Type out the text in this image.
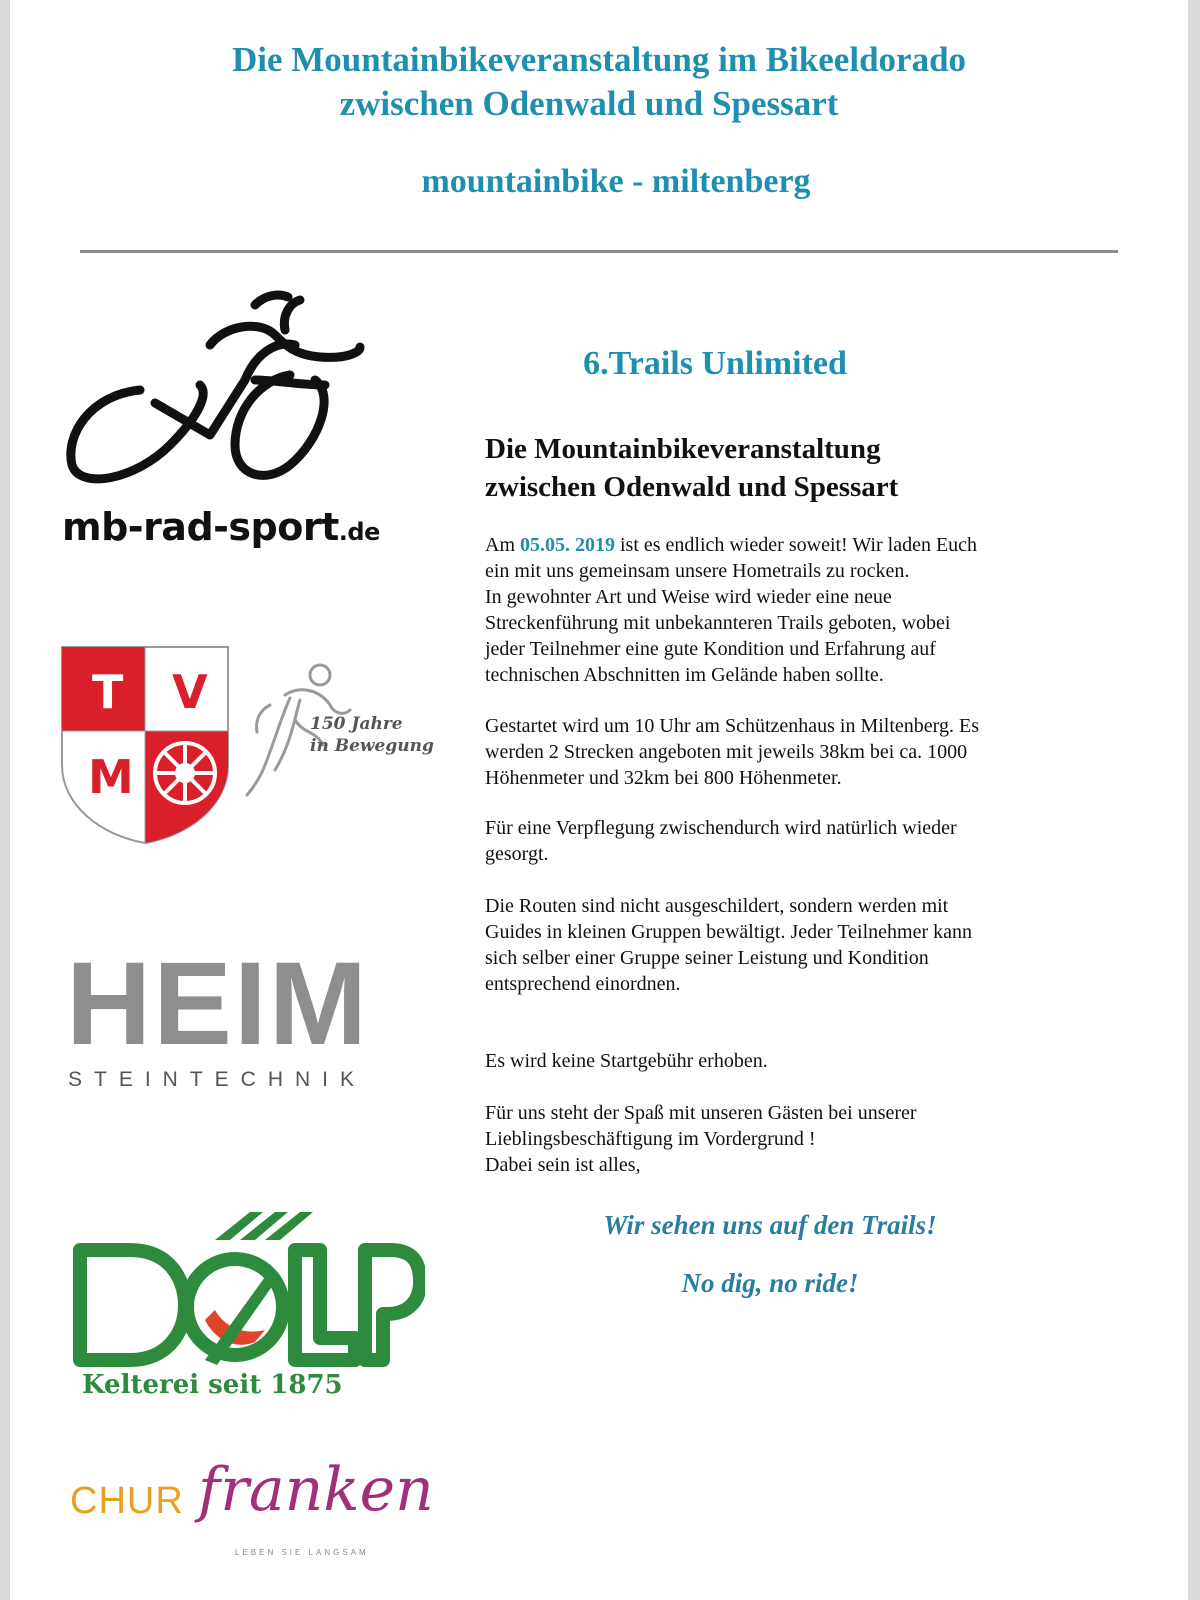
Die Mountainbikeveranstaltung im Bikeeldorado
zwischen Odenwald und Spessart
mountainbike - miltenberg
mb-rad-sport.de
T V
M
150 Jahre
in Bewegung
HEIM
STEINTECHNIK
Kelterei seit 1875
CHUR franken
LEBEN SIE LANGSAM
6.Trails Unlimited
Die Mountainbikeveranstaltung
zwischen Odenwald und Spessart
Am 05.05. 2019 ist es endlich wieder soweit! Wir laden Euch
ein mit uns gemeinsam unsere Hometrails zu rocken.
In gewohnter Art und Weise wird wieder eine neue
Streckenführung mit unbekannteren Trails geboten, wobei
jeder Teilnehmer eine gute Kondition und Erfahrung auf
technischen Abschnitten im Gelände haben sollte.
Gestartet wird um 10 Uhr am Schützenhaus in Miltenberg. Es
werden 2 Strecken angeboten mit jeweils 38km bei ca. 1000
Höhenmeter und 32km bei 800 Höhenmeter.
Für eine Verpflegung zwischendurch wird natürlich wieder
gesorgt.
Die Routen sind nicht ausgeschildert, sondern werden mit
Guides in kleinen Gruppen bewältigt. Jeder Teilnehmer kann
sich selber einer Gruppe seiner Leistung und Kondition
entsprechend einordnen.
Es wird keine Startgebühr erhoben.
Für uns steht der Spaß mit unseren Gästen bei unserer
Lieblingsbeschäftigung im Vordergrund !
Dabei sein ist alles,

Wir sehen uns auf den Trails!

No dig, no ride!
